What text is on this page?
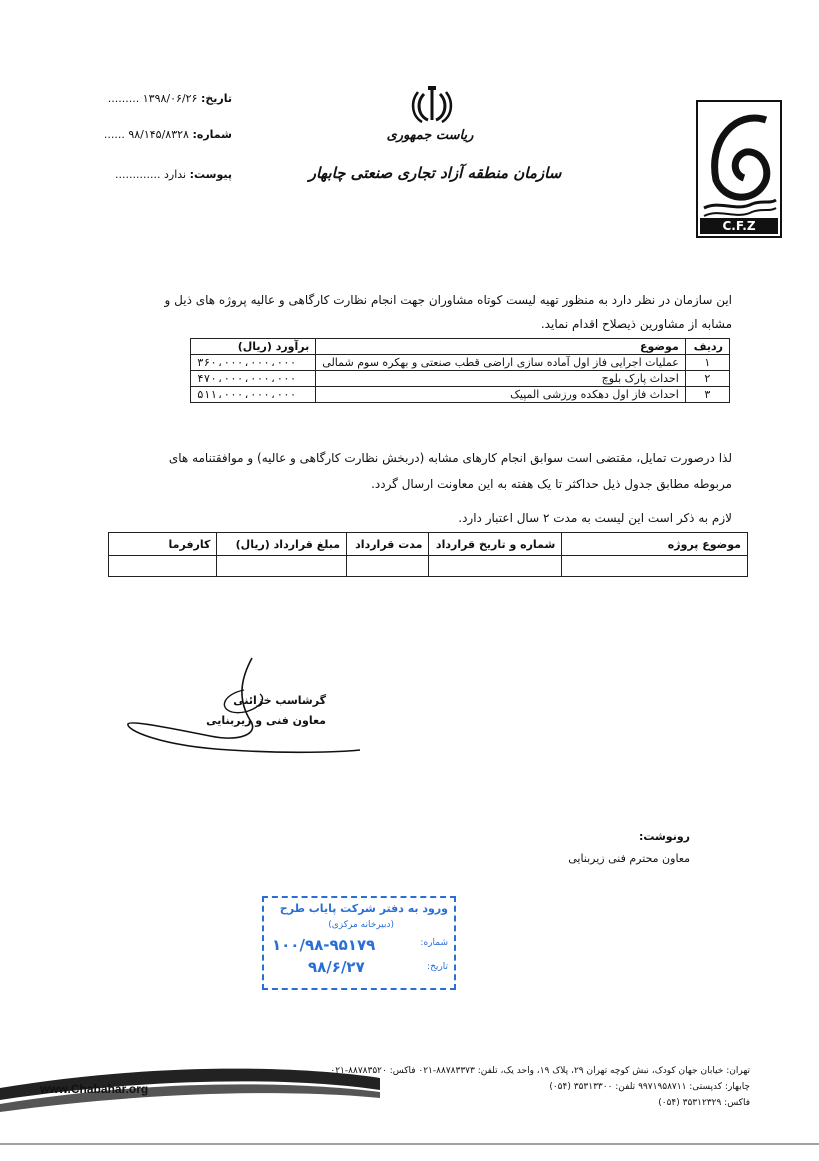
تاریخ: ۱۳۹۸/۰۶/۲۶ .........
شماره: ۹۸/۱۴۵/۸۳۲۸ ......
پیوست: ندارد .............
ریاست جمهوری
سازمان منطقه آزاد تجاری صنعتی چابهار
C.F.Z
این سازمان در نظر دارد به منظور تهیه لیست کوتاه مشاوران جهت انجام نظارت کارگاهی و عالیه پروژه های ذیل و
مشابه از مشاورین ذیصلاح اقدام نماید.
ردیف	موضوع	برآورد (ریال)
۱	عملیات اجرایی فاز اول آماده سازی اراضی قطب صنعتی و بهکره سوم شمالی	۳۶۰،۰۰۰،۰۰۰،۰۰۰
۲	احداث پارک بلوچ	۴۷۰،۰۰۰،۰۰۰،۰۰۰
۳	احداث فاز اول دهکده ورزشی المپیک	۵۱۱،۰۰۰،۰۰۰،۰۰۰
لذا درصورت تمایل، مقتضی است سوابق انجام کارهای مشابه (دربخش نظارت کارگاهی و عالیه) و موافقتنامه های
مربوطه مطابق جدول ذیل حداکثر تا یک هفته به این معاونت ارسال گردد.
لازم به ذکر است این لیست به مدت ۲ سال اعتبار دارد.
موضوع پروژه	شماره و تاریخ قرارداد	مدت قرارداد	مبلغ قرارداد (ریال)	کارفرما

گرشاسب خزائنی
معاون فنی و زیربنایی
رونوشت:
معاون محترم فنی زیربنایی
ورود به دفتر شرکت پایاب طرح
(دبیرخانه مرکزی)
شماره:
۱۰۰/۹۸-۹۵۱۷۹
تاریخ:
۹۸/۶/۲۷
www.Chabahar.org
تهران: خیابان جهان کودک، نبش کوچه تهران ۲۹، پلاک ۱۹، واحد یک، تلفن: ۸۸۷۸۳۳۷۳-۰۲۱ فاکس: ۸۸۷۸۳۵۲۰-۰۲۱
چابهار: کدپستی: ۹۹۷۱۹۵۸۷۱۱ تلفن: ۳۵۳۱۳۳۰۰ (۰۵۴)
فاکس: ۳۵۳۱۲۳۲۹ (۰۵۴)
